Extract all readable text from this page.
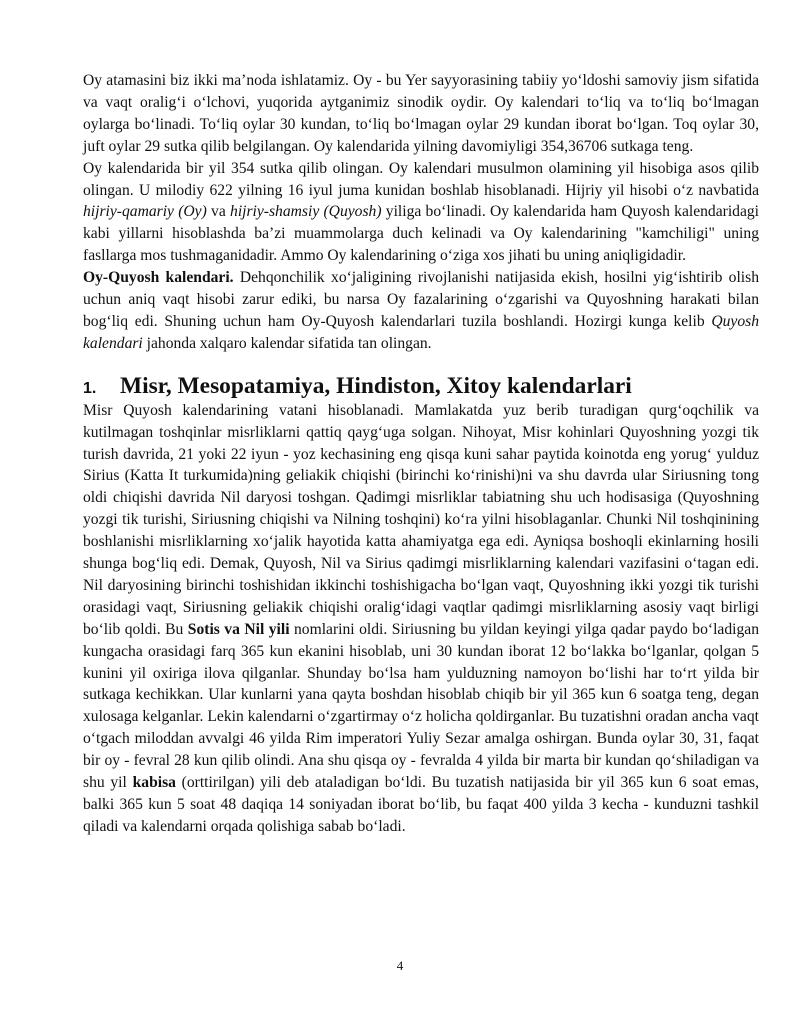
Oy atamasini biz ikki ma’noda ishlatamiz. Oy - bu Yer sayyorasining tabiiy yo‘ldoshi samoviy jism sifatida va vaqt oralig‘i o‘lchovi, yuqorida aytganimiz sinodik oydir. Oy kalendari to‘liq va to‘liq bo‘lmagan oylarga bo‘linadi. To‘liq oylar 30 kundan, to‘liq bo‘lmagan oylar 29 kundan iborat bo‘lgan. Toq oylar 30, juft oylar 29 sutka qilib belgilangan. Oy kalendarida yilning davomiyligi 354,36706 sutkaga teng.

Oy kalendarida bir yil 354 sutka qilib olingan. Oy kalendari musulmon olamining yil hisobiga asos qilib olingan. U milodiy 622 yilning 16 iyul juma kunidan boshlab hisoblanadi. Hijriy yil hisobi o‘z navbatida hijriy-qamariy (Oy) va hijriy-shamsiy (Quyosh) yiliga bo‘linadi. Oy kalendarida ham Quyosh kalendaridagi kabi yillarni hisoblashda ba’zi muammolarga duch kelinadi va Oy kalendarining "kamchiligi" uning fasllarga mos tushmaganidadir. Ammo Oy kalendarining o‘ziga xos jihati bu uning aniqligidadir.

Oy-Quyosh kalendari. Dehqonchilik xo‘jaligining rivojlanishi natijasida ekish, hosilni yig‘ishtirib olish uchun aniq vaqt hisobi zarur ediki, bu narsa Oy fazalarining o‘zgarishi va Quyoshning harakati bilan bog‘liq edi. Shuning uchun ham Oy-Quyosh kalendarlari tuzila boshlandi. Hozirgi kunga kelib Quyosh kalendari jahonda xalqaro kalendar sifatida tan olingan.

1.	Misr, Mesopatamiya, Hindiston, Xitoy kalendarlari

Misr Quyosh kalendarining vatani hisoblanadi. Mamlakatda yuz berib turadigan qurg‘oqchilik va kutilmagan toshqinlar misrliklarni qattiq qayg‘uga solgan. Nihoyat, Misr kohinlari Quyoshning yozgi tik turish davrida, 21 yoki 22 iyun - yoz kechasining eng qisqa kuni sahar paytida koinotda eng yorug‘ yulduz Sirius (Katta It turkumida)ning geliakik chiqishi (birinchi ko‘rinishi)ni va shu davrda ular Siriusning tong oldi chiqishi davrida Nil daryosi toshgan. Qadimgi misrliklar tabiatning shu uch hodisasiga (Quyoshning yozgi tik turishi, Siriusning chiqishi va Nilning toshqini) ko‘ra yilni hisoblaganlar. Chunki Nil toshqinining boshlanishi misrliklarning xo‘jalik hayotida katta ahamiyatga ega edi. Ayniqsa boshoqli ekinlarning hosili shunga bog‘liq edi. Demak, Quyosh, Nil va Sirius qadimgi misrliklarning kalendari vazifasini o‘tagan edi. Nil daryosining birinchi toshishidan ikkinchi toshishigacha bo‘lgan vaqt, Quyoshning ikki yozgi tik turishi orasidagi vaqt, Siriusning geliakik chiqishi oralig‘idagi vaqtlar qadimgi misrliklarning asosiy vaqt birligi bo‘lib qoldi. Bu Sotis va Nil yili nomlarini oldi. Siriusning bu yildan keyingi yilga qadar paydo bo‘ladigan kungacha orasidagi farq 365 kun ekanini hisoblab, uni 30 kundan iborat 12 bo‘lakka bo‘lganlar, qolgan 5 kunini yil oxiriga ilova qilganlar. Shunday bo‘lsa ham yulduzning namoyon bo‘lishi har to‘rt yilda bir sutkaga kechikkan. Ular kunlarni yana qayta boshdan hisoblab chiqib bir yil 365 kun 6 soatga teng, degan xulosaga kelganlar. Lekin kalendarni o‘zgartirmay o‘z holicha qoldirganlar. Bu tuzatishni oradan ancha vaqt o‘tgach miloddan avvalgi 46 yilda Rim imperatori Yuliy Sezar amalga oshirgan. Bunda oylar 30, 31, faqat bir oy - fevral 28 kun qilib olindi. Ana shu qisqa oy - fevralda 4 yilda bir marta bir kundan qo‘shiladigan va shu yil kabisa (orttirilgan) yili deb ataladigan bo‘ldi. Bu tuzatish natijasida bir yil 365 kun 6 soat emas, balki 365 kun 5 soat 48 daqiqa 14 soniyadan iborat bo‘lib, bu faqat 400 yilda 3 kecha - kunduzni tashkil qiladi va kalendarni orqada qolishiga sabab bo‘ladi.

4
